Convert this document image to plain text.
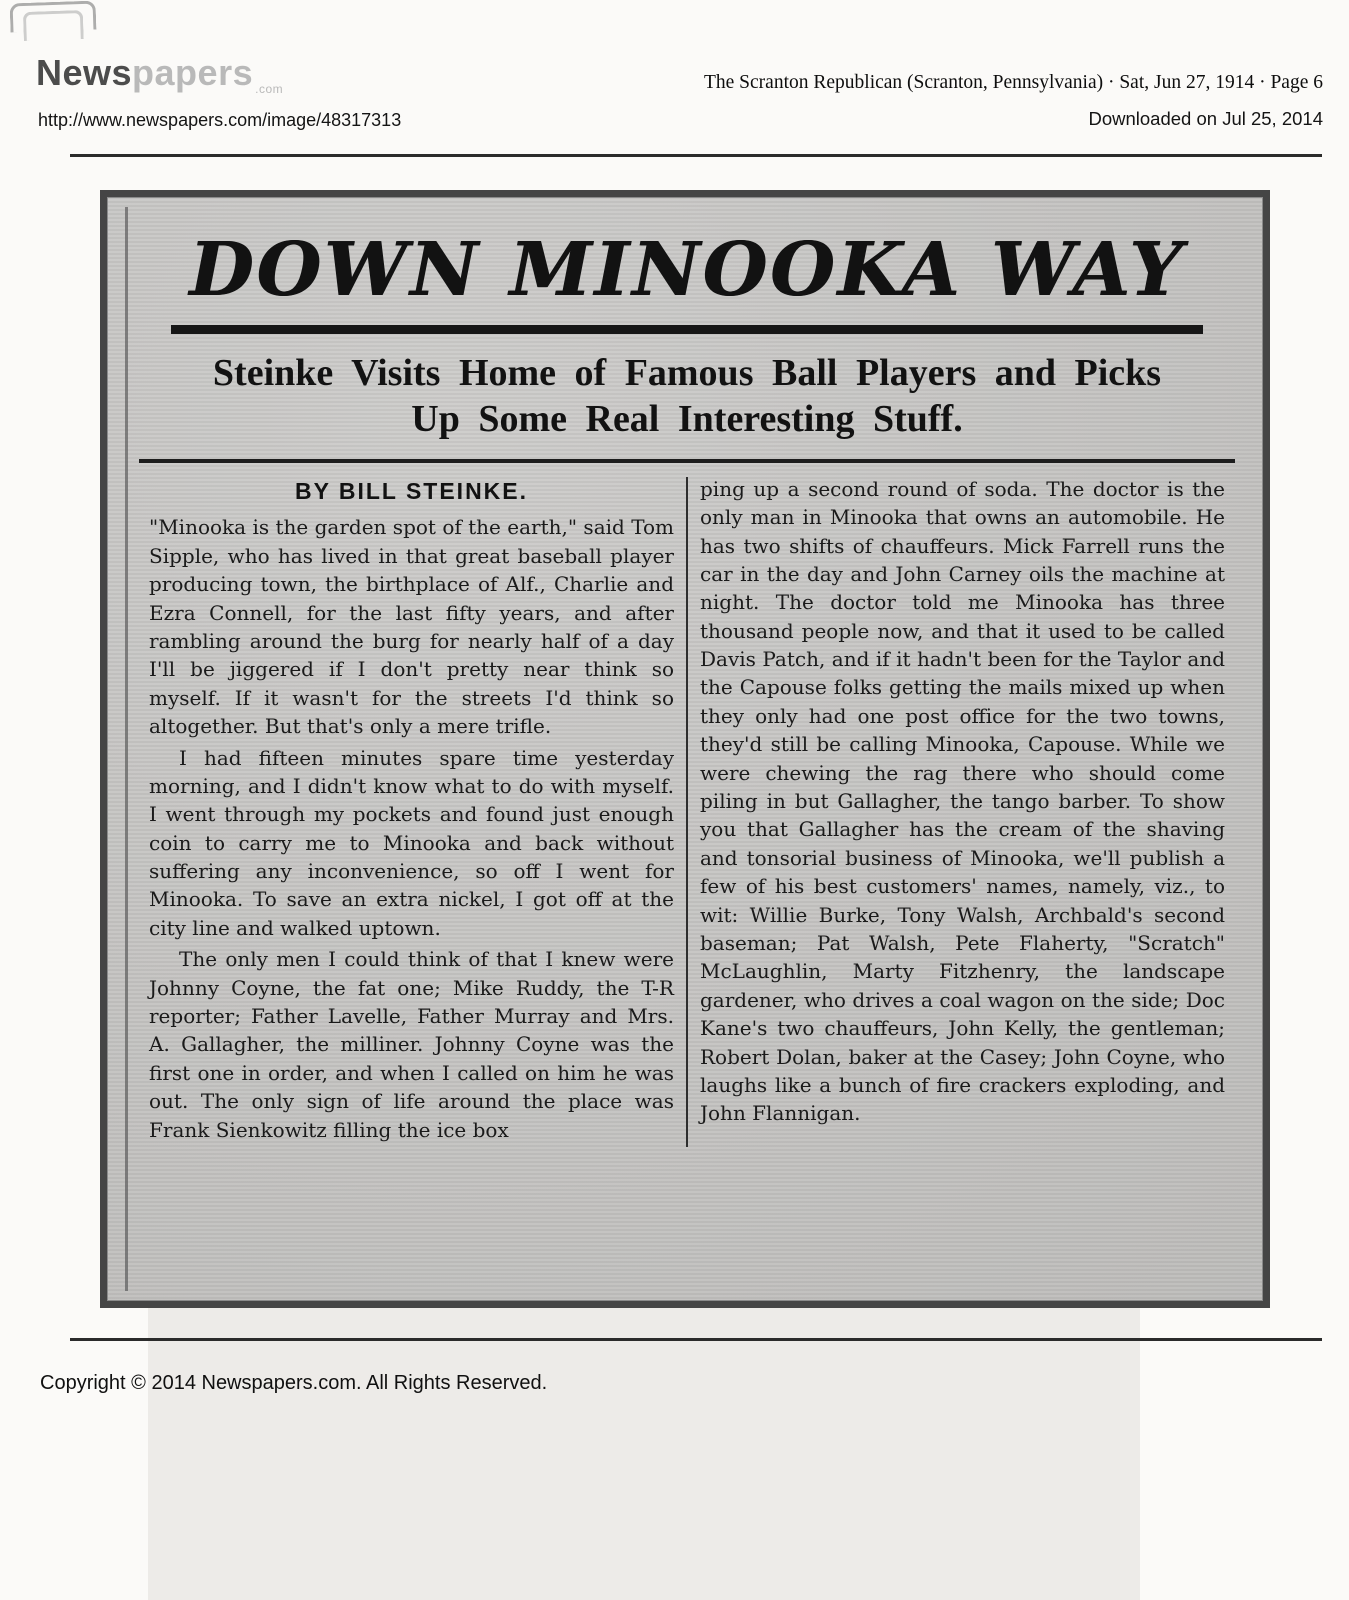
Newspapers $_{.com}$
http://www.newspapers.com/image/48317313
The Scranton Republican (Scranton, Pennsylvania) · Sat, Jun 27, 1914 · Page 6
Downloaded on Jul 25, 2014
DOWN MINOOKA WAY
Steinke Visits Home of Famous Ball Players and Picks
Up Some Real Interesting Stuff.
BY BILL STEINKE.

"Minooka is the garden spot of the earth," said Tom Sipple, who has lived in that great baseball player producing town, the birthplace of Alf., Charlie and Ezra Connell, for the last fifty years, and after rambling around the burg for nearly half of a day I'll be jiggered if I don't pretty near think so myself. If it wasn't for the streets I'd think so altogether. But that's only a mere trifle.

I had fifteen minutes spare time yesterday morning, and I didn't know what to do with myself. I went through my pockets and found just enough coin to carry me to Minooka and back without suffering any inconvenience, so off I went for Minooka. To save an extra nickel, I got off at the city line and walked uptown.

The only men I could think of that I knew were Johnny Coyne, the fat one; Mike Ruddy, the T-R reporter; Father Lavelle, Father Murray and Mrs. A. Gallagher, the milliner. Johnny Coyne was the first one in order, and when I called on him he was out. The only sign of life around the place was Frank Sienkowitz filling the ice box

ping up a second round of soda. The doctor is the only man in Minooka that owns an automobile. He has two shifts of chauffeurs. Mick Farrell runs the car in the day and John Carney oils the machine at night. The doctor told me Minooka has three thousand people now, and that it used to be called Davis Patch, and if it hadn't been for the Taylor and the Capouse folks getting the mails mixed up when they only had one post office for the two towns, they'd still be calling Minooka, Capouse. While we were chewing the rag there who should come piling in but Gallagher, the tango barber. To show you that Gallagher has the cream of the shaving and tonsorial business of Minooka, we'll publish a few of his best customers' names, namely, viz., to wit: Willie Burke, Tony Walsh, Archbald's second baseman; Pat Walsh, Pete Flaherty, "Scratch" McLaughlin, Marty Fitzhenry, the landscape gardener, who drives a coal wagon on the side; Doc Kane's two chauffeurs, John Kelly, the gentleman; Robert Dolan, baker at the Casey; John Coyne, who laughs like a bunch of fire crackers exploding, and John Flannigan.

Copyright © 2014 Newspapers.com. All Rights Reserved.
